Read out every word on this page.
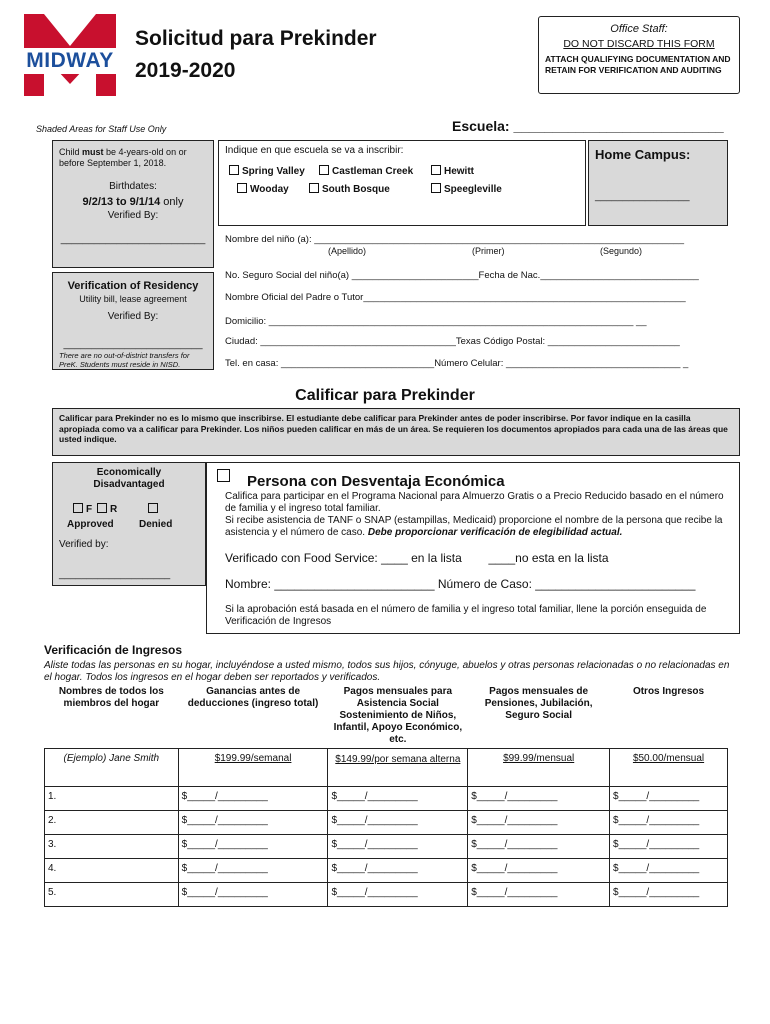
MIDWAY
Solicitud para Prekinder
2019-2020
Office Staff:
DO NOT DISCARD THIS FORM
ATTACH QUALIFYING DOCUMENTATION AND RETAIN FOR VERIFICATION AND AUDITING
Shaded Areas for Staff Use Only	Escuela: ___________________________
Child must be 4-years-old on or before September 1, 2018.
Birthdates:
9/2/13 to 9/1/14 only
Verified By:
__________________________
Indique en que escuela se va a inscribir:
Spring Valley	Castleman Creek	Hewitt
Wooday	South Bosque	Speegleville
Home Campus:
_________________
Nombre del niño (a): ______________________________________________________________________
(Apellido)	(Primer)	(Segundo)
No. Seguro Social del niño(a) ________________________Fecha de Nac.______________________________
Nombre Oficial del Padre o Tutor_____________________________________________________________
Domicilio: _____________________________________________________________________ __
Ciudad: _____________________________________Texas Código Postal: _________________________
Tel. en casa: _____________________________Número Celular: _________________________________ _
Verification of Residency
Utility bill, lease agreement
Verified By:
_________________________
There are no out-of-district transfers for PreK. Students must reside in NISD.
Calificar para Prekinder
Calificar para Prekinder no es lo mismo que inscribirse. El estudiante debe calificar para Prekinder antes de poder inscribirse. Por favor indique en la casilla apropiada como va a calificar para Prekinder. Los niños pueden calificar en más de un área. Se requieren los documentos apropiados para cada una de las áreas que usted indique.
Economically Disadvantaged
F	R
Approved	Denied
Verified by:
____________________
Persona con Desventaja Económica
Califica para participar en el Programa Nacional para Almuerzo Gratis o a Precio Reducido basado en el número de familia y el ingreso total familiar.
Si recibe asistencia de TANF o SNAP (estampillas, Medicaid) proporcione el nombre de la persona que recibe la asistencia y el número de caso. Debe proporcionar verificación de elegibilidad actual.
Verificado con Food Service: ____ en la lista        ____no esta en la lista
Nombre: ________________________ Número de Caso: ________________________
Si la aprobación está basada en el número de familia y el ingreso total familiar, llene la porción enseguida de Verificación de Ingresos
Verificación de Ingresos
Aliste todas las personas en su hogar, incluyéndose a usted mismo, todos sus hijos, cónyuge, abuelos y otras personas relacionadas o no relacionadas en el hogar. Todos los ingresos en el hogar deben ser reportados y verificados.
Nombres de todos los miembros del hogar	Ganancias antes de deducciones (ingreso total)	Pagos mensuales para Asistencia Social Sostenimiento de Niños, Infantil, Apoyo Económico, etc.	Pagos mensuales de Pensiones, Jubilación, Seguro Social	Otros Ingresos
(Ejemplo) Jane Smith	$199.99/semanal	$149.99/por semana alterna	$99.99/mensual	$50.00/mensual
1.	$_____/_________	$_____/_________	$_____/_________	$_____/_________
2.	$_____/_________	$_____/_________	$_____/_________	$_____/_________
3.	$_____/_________	$_____/_________	$_____/_________	$_____/_________
4.	$_____/_________	$_____/_________	$_____/_________	$_____/_________
5.	$_____/_________	$_____/_________	$_____/_________	$_____/_________
